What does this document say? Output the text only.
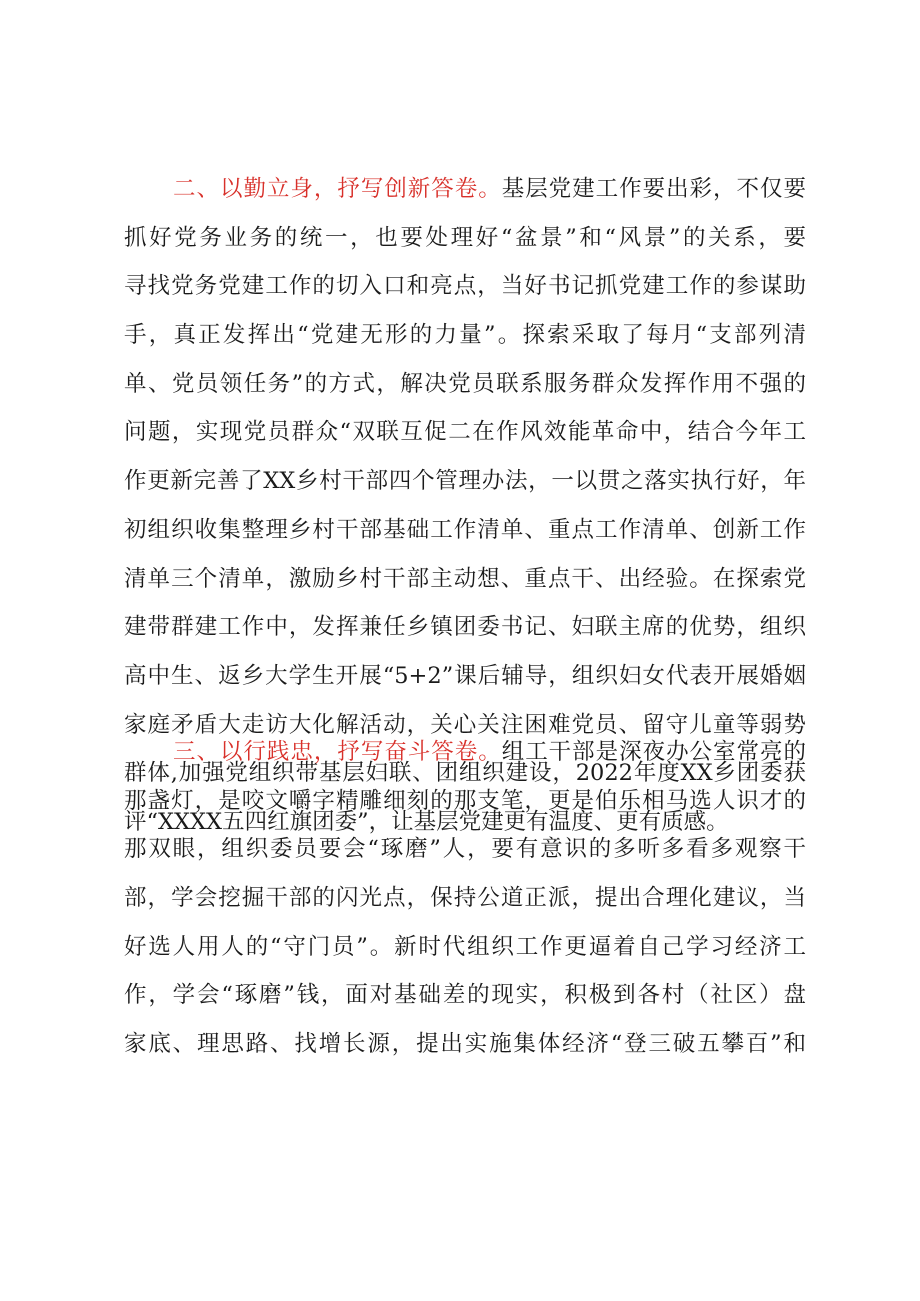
二、以勤立身，抒写创新答卷。基层党建工作要出彩，不仅要
抓好党务业务的统一，也要处理好“盆景”和“风景”的关系，要
寻找党务党建工作的切入口和亮点，当好书记抓党建工作的参谋助
手，真正发挥出“党建无形的力量”。探索采取了每月“支部列清
单、党员领任务”的方式，解决党员联系服务群众发挥作用不强的
问题，实现党员群众“双联互促二在作风效能革命中，结合今年工
作更新完善了XX乡村干部四个管理办法，一以贯之落实执行好，年
初组织收集整理乡村干部基础工作清单、重点工作清单、创新工作
清单三个清单，激励乡村干部主动想、重点干、出经验。在探索党
建带群建工作中，发挥兼任乡镇团委书记、妇联主席的优势，组织
高中生、返乡大学生开展“5+2”课后辅导，组织妇女代表开展婚姻
家庭矛盾大走访大化解活动，关心关注困难党员、留守儿童等弱势
群体,加强党组织带基层妇联、团组织建设，2022年度XX乡团委获
评“XXXX五四红旗团委”，让基层党建更有温度、更有质感。
三、以行践忠，抒写奋斗答卷。组工干部是深夜办公室常亮的
那盏灯，是咬文嚼字精雕细刻的那支笔，更是伯乐相马选人识才的
那双眼，组织委员要会“琢磨”人，要有意识的多听多看多观察干
部，学会挖掘干部的闪光点，保持公道正派，提出合理化建议，当
好选人用人的“守门员”。新时代组织工作更逼着自己学习经济工
作，学会“琢磨”钱，面对基础差的现实，积极到各村（社区）盘
家底、理思路、找增长源，提出实施集体经济“登三破五攀百”和
